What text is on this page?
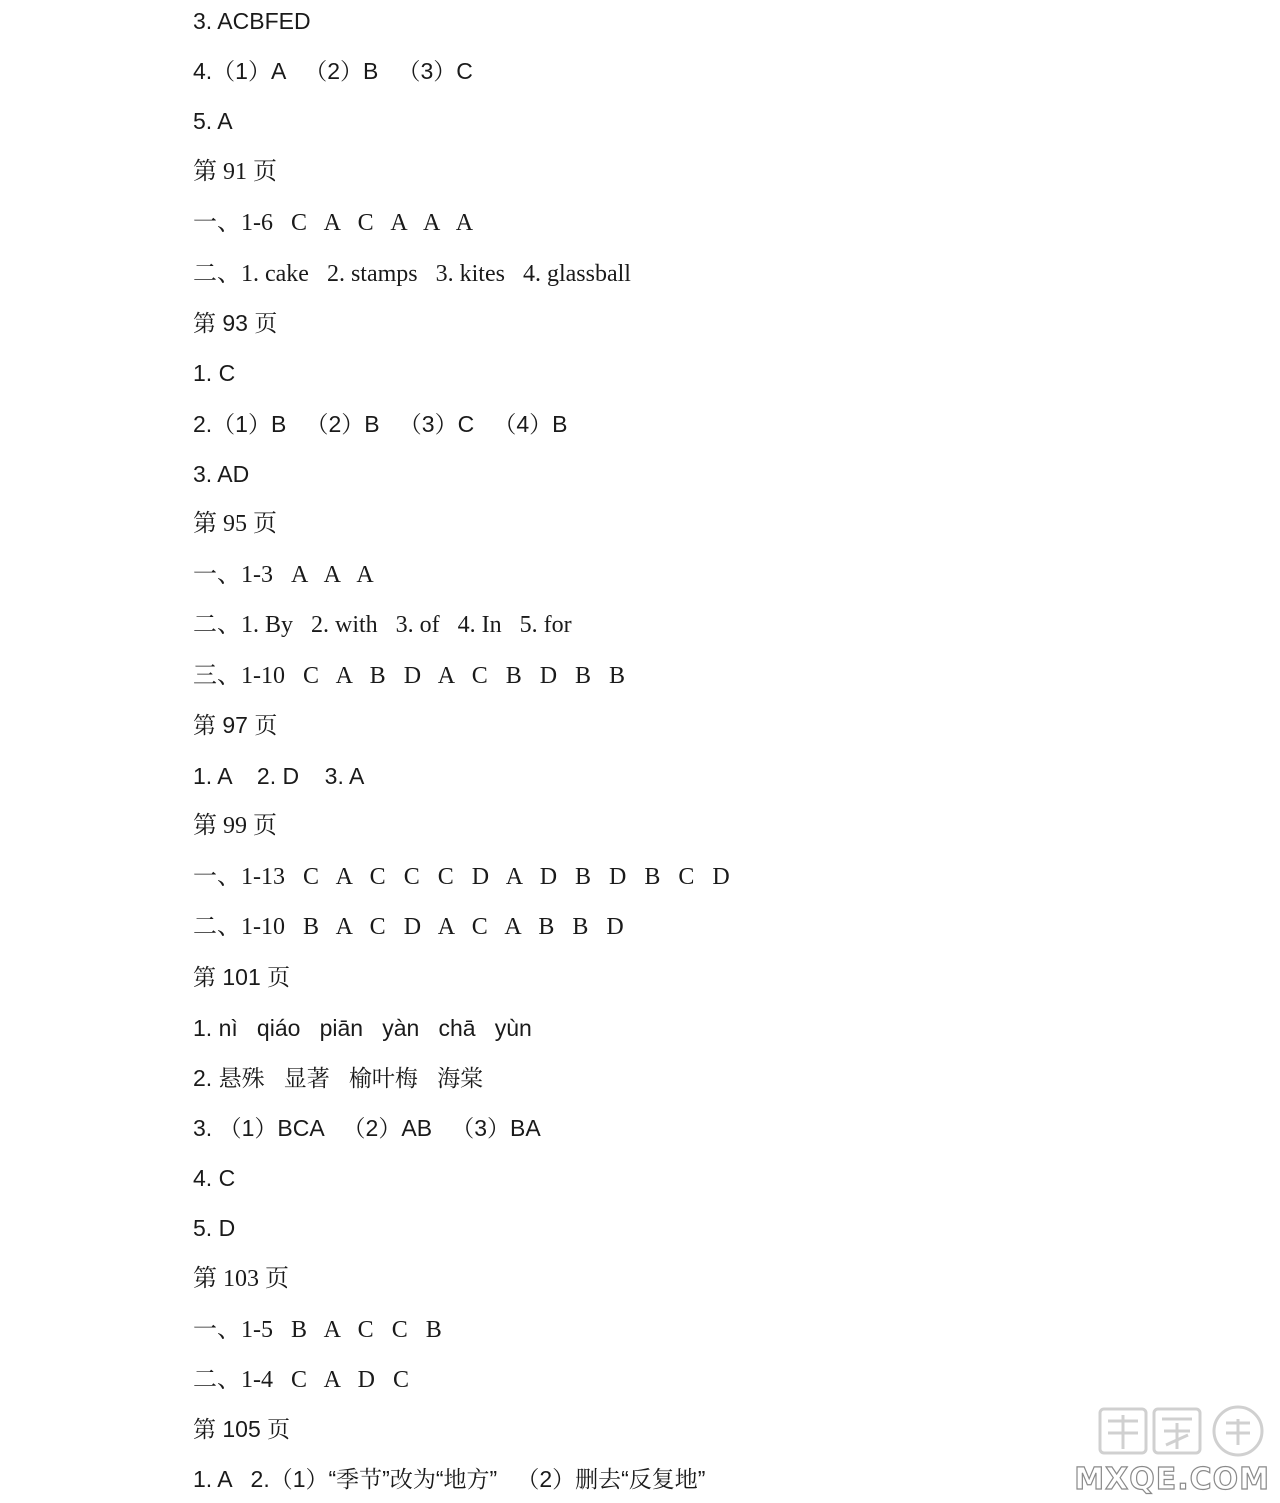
3. ACBFED
4.（1）A   （2）B   （3）C
5. A
第 91 页
一、1-6   C   A   C   A   A   A
二、1. cake   2. stamps   3. kites   4. glassball
第 93 页
1. C
2.（1）B   （2）B   （3）C   （4）B
3. AD
第 95 页
一、1-3   A   A   A
二、1. By   2. with   3. of   4. In   5. for
三、1-10   C   A   B   D   A   C   B   D   B   B
第 97 页
1. A    2. D    3. A
第 99 页
一、1-13   C   A   C   C   C   D   A   D   B   D   B   C   D
二、1-10   B   A   C   D   A   C   A   B   B   D
第 101 页
1. nì   qiáo   piān   yàn   chā   yùn
2. 悬殊   显著   榆叶梅   海棠
3. （1）BCA   （2）AB   （3）BA
4. C
5. D
第 103 页
一、1-5   B   A   C   C   B
二、1-4   C   A   D   C
第 105 页
1. A   2.（1）“季节”改为“地方”   （2）删去“反复地”	MXQE.COM
